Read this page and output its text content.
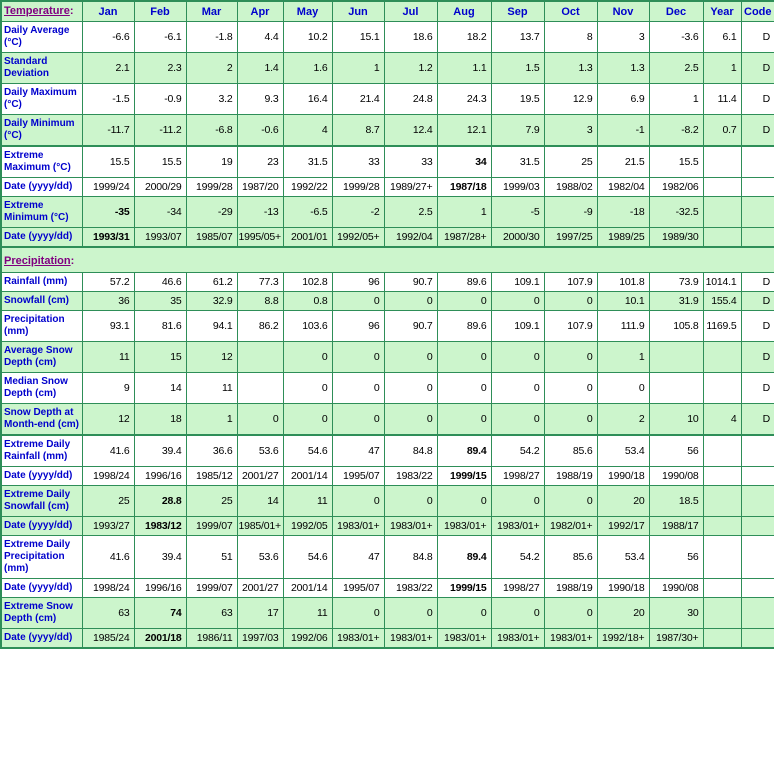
Temperature:	Jan	Feb	Mar	Apr	May	Jun	Jul	Aug	Sep	Oct	Nov	Dec	Year	Code
Daily Average (°C)	-6.6	-6.1	-1.8	4.4	10.2	15.1	18.6	18.2	13.7	8	3	-3.6	6.1	D
Standard Deviation	2.1	2.3	2	1.4	1.6	1	1.2	1.1	1.5	1.3	1.3	2.5	1	D
Daily Maximum (°C)	-1.5	-0.9	3.2	9.3	16.4	21.4	24.8	24.3	19.5	12.9	6.9	1	11.4	D
Daily Minimum (°C)	-11.7	-11.2	-6.8	-0.6	4	8.7	12.4	12.1	7.9	3	-1	-8.2	0.7	D
Extreme Maximum (°C)	15.5	15.5	19	23	31.5	33	33	34	31.5	25	21.5	15.5		
Date (yyyy/dd)	1999/24	2000/29	1999/28	1987/20	1992/22	1999/28	1989/27+	1987/18	1999/03	1988/02	1982/04	1982/06		
Extreme Minimum (°C)	-35	-34	-29	-13	-6.5	-2	2.5	1	-5	-9	-18	-32.5		
Date (yyyy/dd)	1993/31	1993/07	1985/07	1995/05+	2001/01	1992/05+	1992/04	1987/28+	2000/30	1997/25	1989/25	1989/30		
Precipitation:														
Rainfall (mm)	57.2	46.6	61.2	77.3	102.8	96	90.7	89.6	109.1	107.9	101.8	73.9	1014.1	D
Snowfall (cm)	36	35	32.9	8.8	0.8	0	0	0	0	0	10.1	31.9	155.4	D
Precipitation (mm)	93.1	81.6	94.1	86.2	103.6	96	90.7	89.6	109.1	107.9	111.9	105.8	1169.5	D
Average Snow Depth (cm)	11	15	12		0	0	0	0	0	0	1			D
Median Snow Depth (cm)	9	14	11		0	0	0	0	0	0	0			D
Snow Depth at Month-end (cm)	12	18	1	0	0	0	0	0	0	0	2	10	4	D
Extreme Daily Rainfall (mm)	41.6	39.4	36.6	53.6	54.6	47	84.8	89.4	54.2	85.6	53.4	56		
Date (yyyy/dd)	1998/24	1996/16	1985/12	2001/27	2001/14	1995/07	1983/22	1999/15	1998/27	1988/19	1990/18	1990/08		
Extreme Daily Snowfall (cm)	25	28.8	25	14	11	0	0	0	0	0	20	18.5		
Date (yyyy/dd)	1993/27	1983/12	1999/07	1985/01+	1992/05	1983/01+	1983/01+	1983/01+	1983/01+	1982/01+	1992/17	1988/17		
Extreme Daily Precipitation (mm)	41.6	39.4	51	53.6	54.6	47	84.8	89.4	54.2	85.6	53.4	56		
Date (yyyy/dd)	1998/24	1996/16	1999/07	2001/27	2001/14	1995/07	1983/22	1999/15	1998/27	1988/19	1990/18	1990/08		
Extreme Snow Depth (cm)	63	74	63	17	11	0	0	0	0	0	20	30		
Date (yyyy/dd)	1985/24	2001/18	1986/11	1997/03	1992/06	1983/01+	1983/01+	1983/01+	1983/01+	1983/01+	1992/18+	1987/30+		
